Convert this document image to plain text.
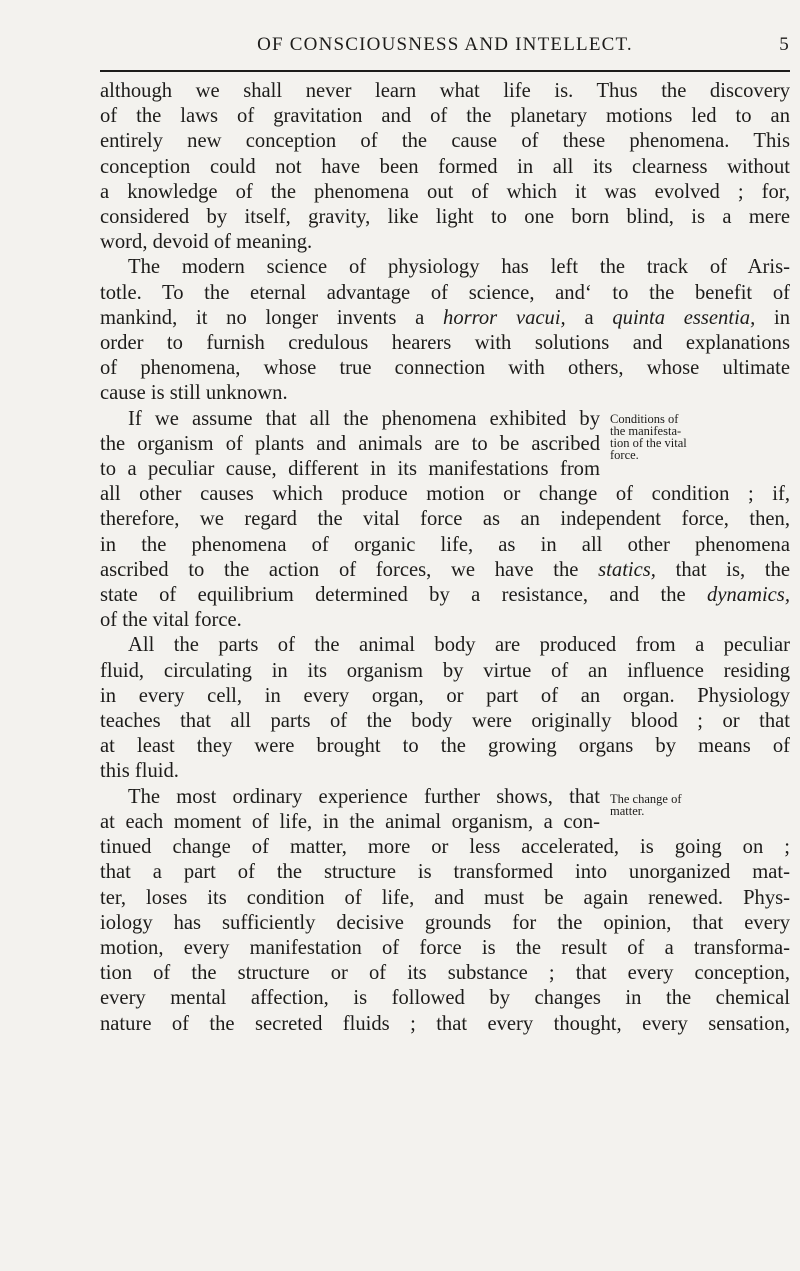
OF CONSCIOUSNESS AND INTELLECT.	5

although we shall never learn what life is. Thus the discovery
of the laws of gravitation and of the planetary motions led to an
entirely new conception of the cause of these phenomena. This
conception could not have been formed in all its clearness without
a knowledge of the phenomena out of which it was evolved ; for,
considered by itself, gravity, like light to one born blind, is a mere
word, devoid of meaning.

The modern science of physiology has left the track of Aris-
totle. To the eternal advantage of science, and‘ to the benefit of
mankind, it no longer invents a horror vacui, a quinta essentia, in
order to furnish credulous hearers with solutions and explanations
of phenomena, whose true connection with others, whose ultimate
cause is still unknown.

If we assume that all the phenomena exhibited by
the organism of plants and animals are to be ascribed
to a peculiar cause, different in its manifestations from
all other causes which produce motion or change of condition ; if,
therefore, we regard the vital force as an independent force, then,
in the phenomena of organic life, as in all other phenomena
ascribed to the action of forces, we have the statics, that is, the
state of equilibrium determined by a resistance, and the dynamics,
of the vital force.
Conditions of
the manifesta-
tion of the vital
force.

All the parts of the animal body are produced from a peculiar
fluid, circulating in its organism by virtue of an influence residing
in every cell, in every organ, or part of an organ. Physiology
teaches that all parts of the body were originally blood ; or that
at least they were brought to the growing organs by means of
this fluid.

The most ordinary experience further shows, that
at each moment of life, in the animal organism, a con-
tinued change of matter, more or less accelerated, is going on ;
that a part of the structure is transformed into unorganized mat-
ter, loses its condition of life, and must be again renewed. Phys-
iology has sufficiently decisive grounds for the opinion, that every
motion, every manifestation of force is the result of a transforma-
tion of the structure or of its substance ; that every conception,
every mental affection, is followed by changes in the chemical
nature of the secreted fluids ; that every thought, every sensation,
The change of
matter.
